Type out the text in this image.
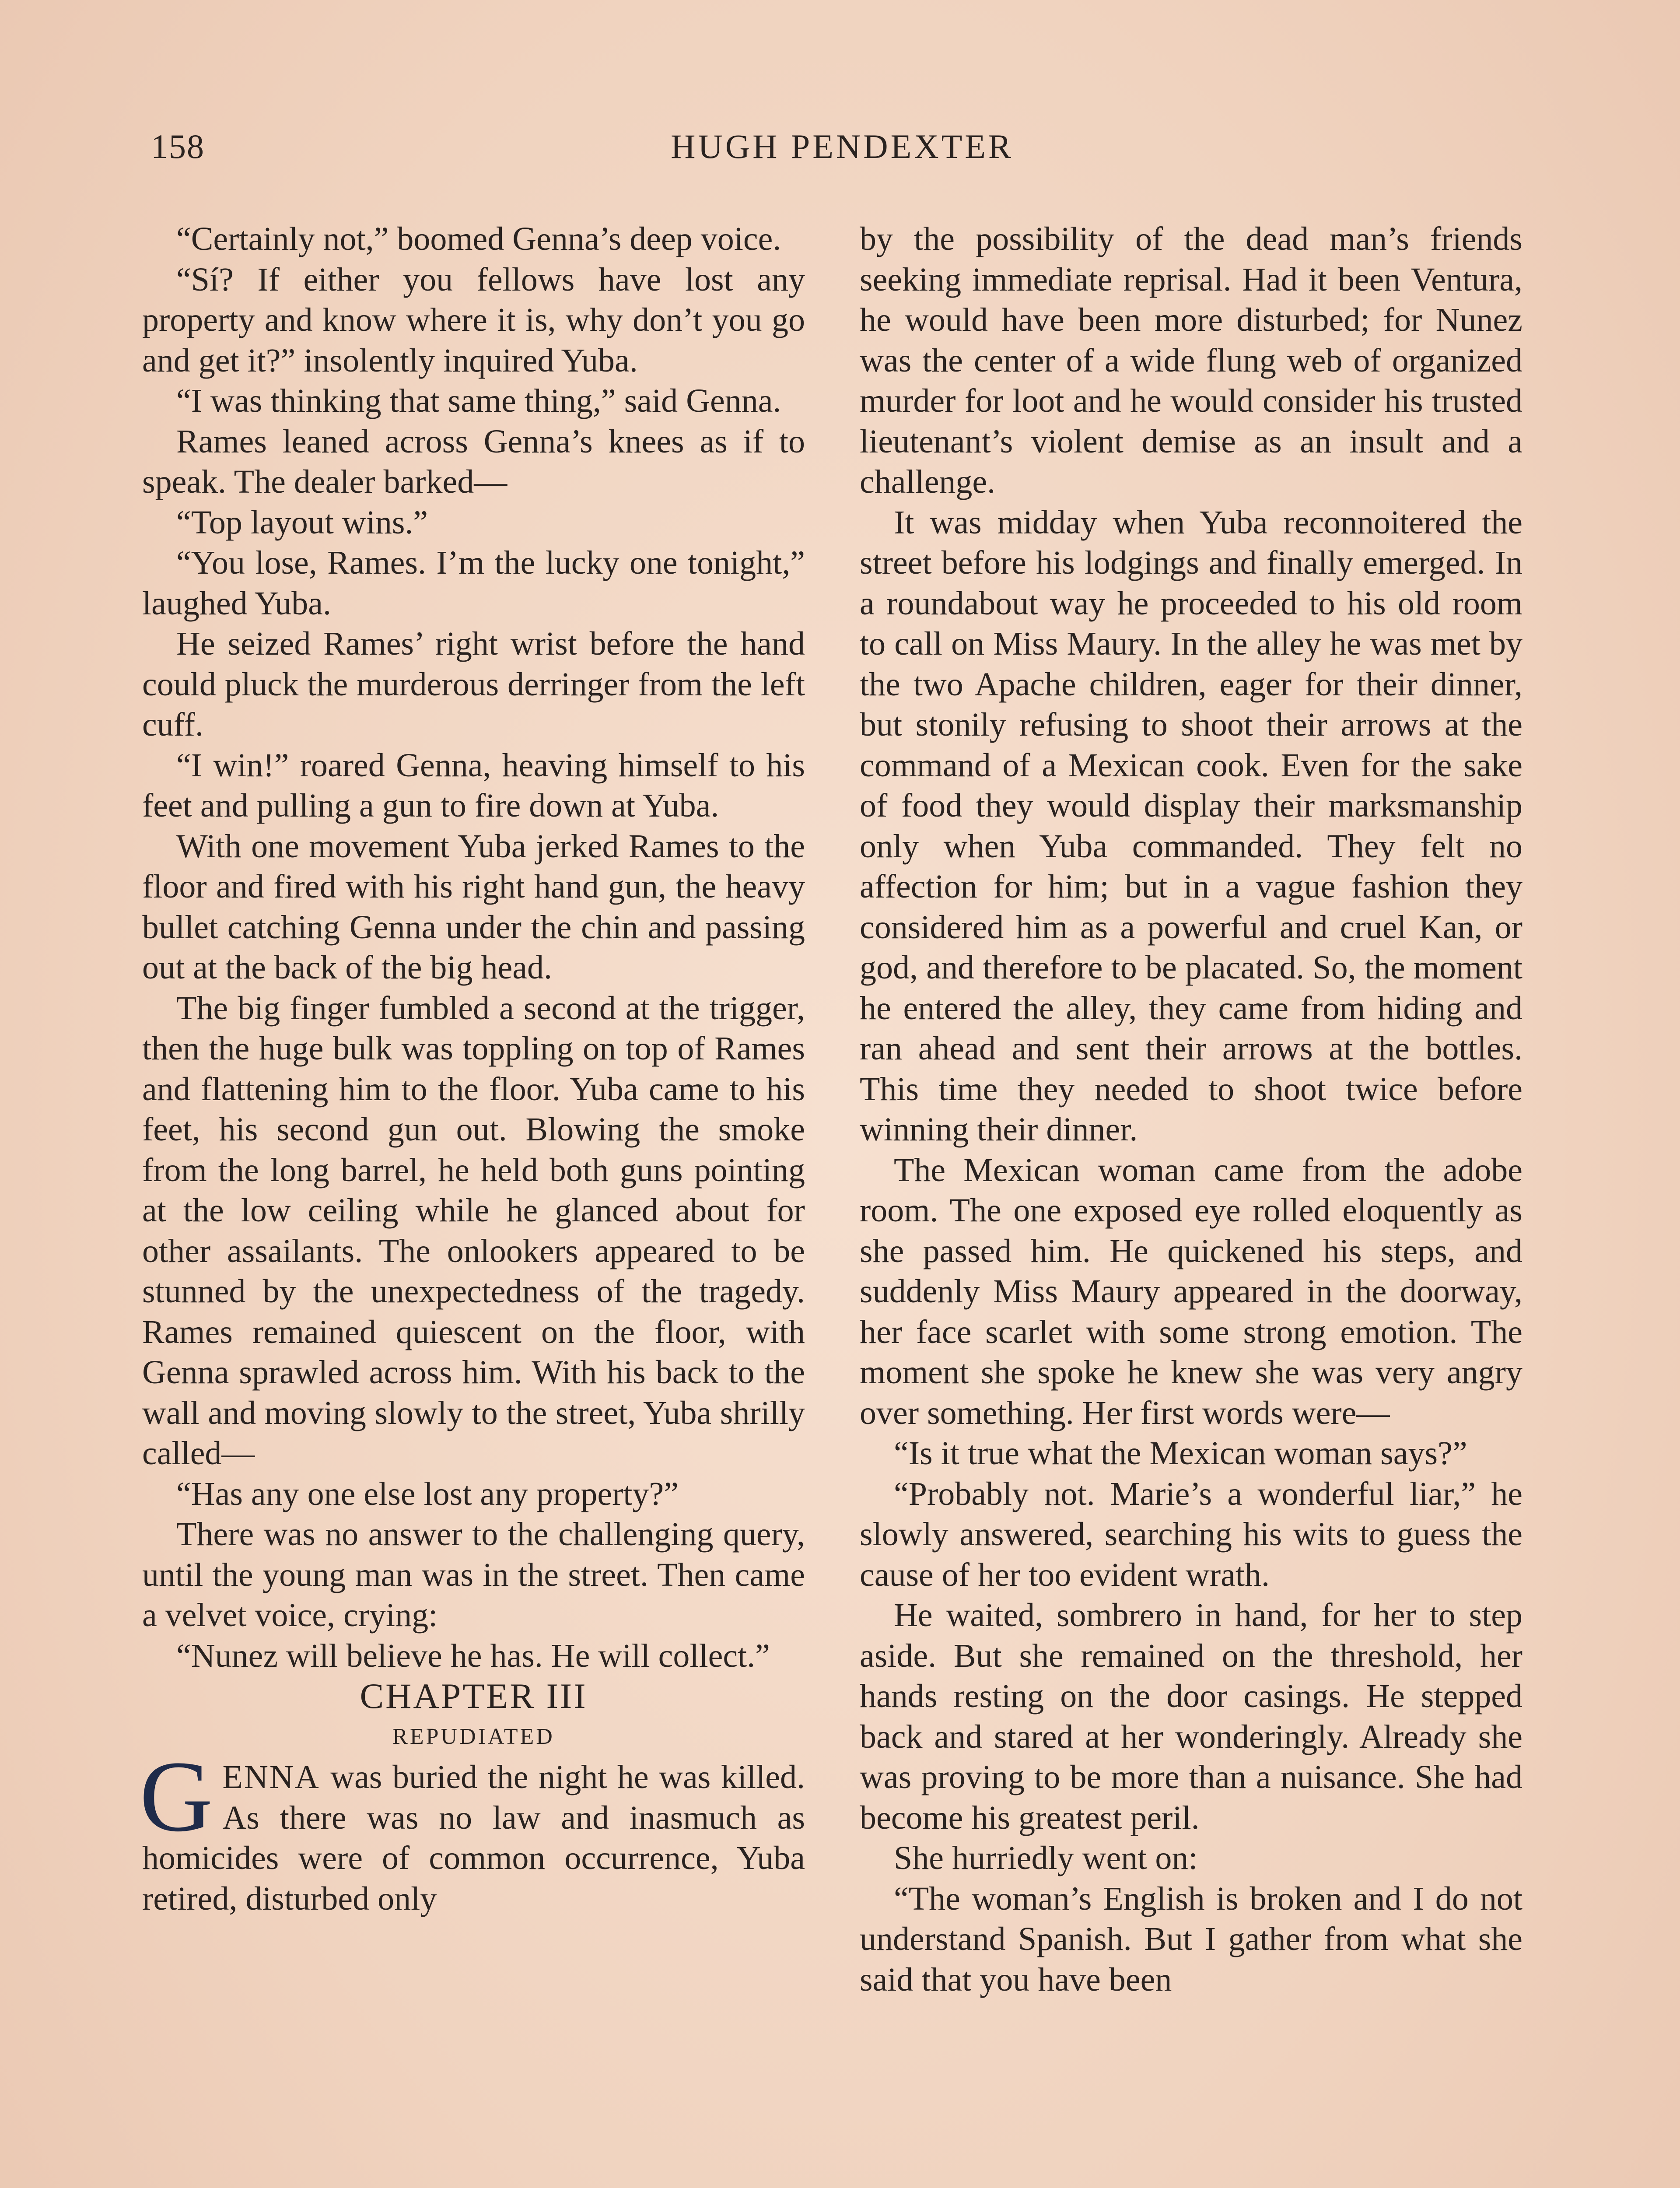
158	HUGH PENDEXTER

“Certainly not,” boomed Genna’s deep voice.

“Sí? If either you fellows have lost any property and know where it is, why don’t you go and get it?” insolently inquired Yuba.

“I was thinking that same thing,” said Genna.

Rames leaned across Genna’s knees as if to speak. The dealer barked—

“Top layout wins.”

“You lose, Rames. I’m the lucky one tonight,” laughed Yuba.

He seized Rames’ right wrist before the hand could pluck the murderous derringer from the left cuff.

“I win!” roared Genna, heaving himself to his feet and pulling a gun to fire down at Yuba.

With one movement Yuba jerked Rames to the floor and fired with his right hand gun, the heavy bullet catching Genna under the chin and passing out at the back of the big head.

The big finger fumbled a second at the trigger, then the huge bulk was toppling on top of Rames and flattening him to the floor. Yuba came to his feet, his second gun out. Blowing the smoke from the long barrel, he held both guns pointing at the low ceiling while he glanced about for other assailants. The onlookers appeared to be stunned by the unexpectedness of the tragedy. Rames remained quiescent on the floor, with Genna sprawled across him. With his back to the wall and moving slowly to the street, Yuba shrilly called—

“Has any one else lost any property?”

There was no answer to the challenging query, until the young man was in the street. Then came a velvet voice, crying:

“Nunez will believe he has. He will collect.”

CHAPTER III

REPUDIATED

GENNA was buried the night he was killed. As there was no law and inasmuch as homicides were of common occurrence, Yuba retired, disturbed only

by the possibility of the dead man’s friends seeking immediate reprisal. Had it been Ventura, he would have been more disturbed; for Nunez was the center of a wide flung web of organized murder for loot and he would consider his trusted lieutenant’s violent demise as an insult and a challenge.

It was midday when Yuba reconnoitered the street before his lodgings and finally emerged. In a roundabout way he proceeded to his old room to call on Miss Maury. In the alley he was met by the two Apache children, eager for their dinner, but stonily refusing to shoot their arrows at the command of a Mexican cook. Even for the sake of food they would display their marksmanship only when Yuba commanded. They felt no affection for him; but in a vague fashion they considered him as a powerful and cruel Kan, or god, and therefore to be placated. So, the moment he entered the alley, they came from hiding and ran ahead and sent their arrows at the bottles. This time they needed to shoot twice before winning their dinner.

The Mexican woman came from the adobe room. The one exposed eye rolled eloquently as she passed him. He quickened his steps, and suddenly Miss Maury appeared in the doorway, her face scarlet with some strong emotion. The moment she spoke he knew she was very angry over something. Her first words were—

“Is it true what the Mexican woman says?”

“Probably not. Marie’s a wonderful liar,” he slowly answered, searching his wits to guess the cause of her too evident wrath.

He waited, sombrero in hand, for her to step aside. But she remained on the threshold, her hands resting on the door casings. He stepped back and stared at her wonderingly. Already she was proving to be more than a nuisance. She had become his greatest peril.

She hurriedly went on:

“The woman’s English is broken and I do not understand Spanish. But I gather from what she said that you have been
